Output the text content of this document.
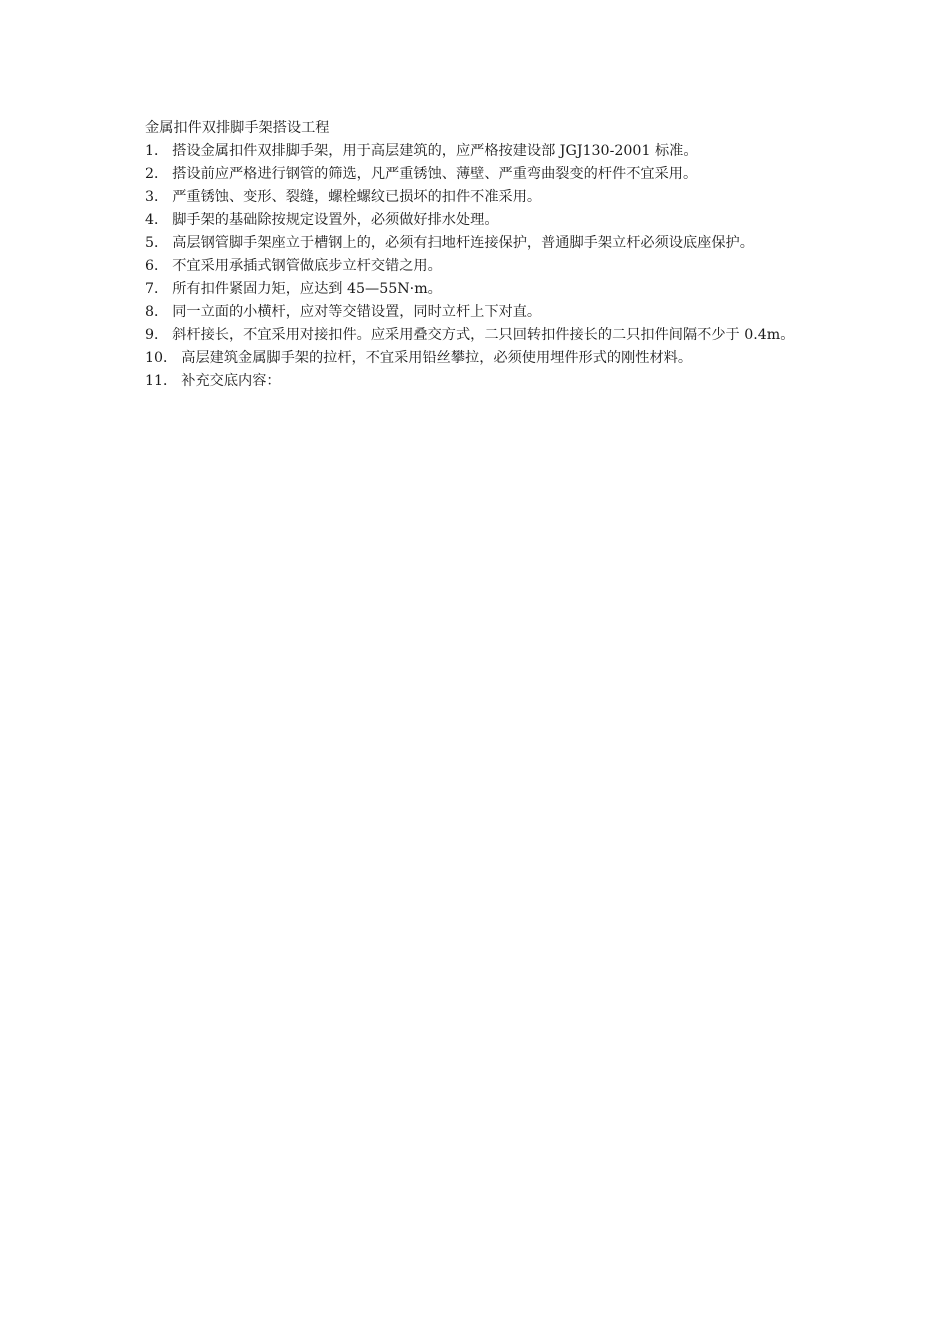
金属扣件双排脚手架搭设工程

1． 搭设金属扣件双排脚手架，用于高层建筑的，应严格按建设部 JGJ130-2001 标准。

2． 搭设前应严格进行钢管的筛选，凡严重锈蚀、薄壁、严重弯曲裂变的杆件不宜采用。

3． 严重锈蚀、变形、裂缝，螺栓螺纹已损坏的扣件不准采用。

4． 脚手架的基础除按规定设置外，必须做好排水处理。

5． 高层钢管脚手架座立于槽钢上的，必须有扫地杆连接保护，普通脚手架立杆必须设底座保护。

6． 不宜采用承插式钢管做底步立杆交错之用。

7． 所有扣件紧固力矩，应达到 45—55N·m。

8． 同一立面的小横杆，应对等交错设置，同时立杆上下对直。

9． 斜杆接长，不宜采用对接扣件。应采用叠交方式，二只回转扣件接长的二只扣件间隔不少于 0.4m。

10． 高层建筑金属脚手架的拉杆，不宜采用铅丝攀拉，必须使用埋件形式的刚性材料。

11． 补充交底内容：
